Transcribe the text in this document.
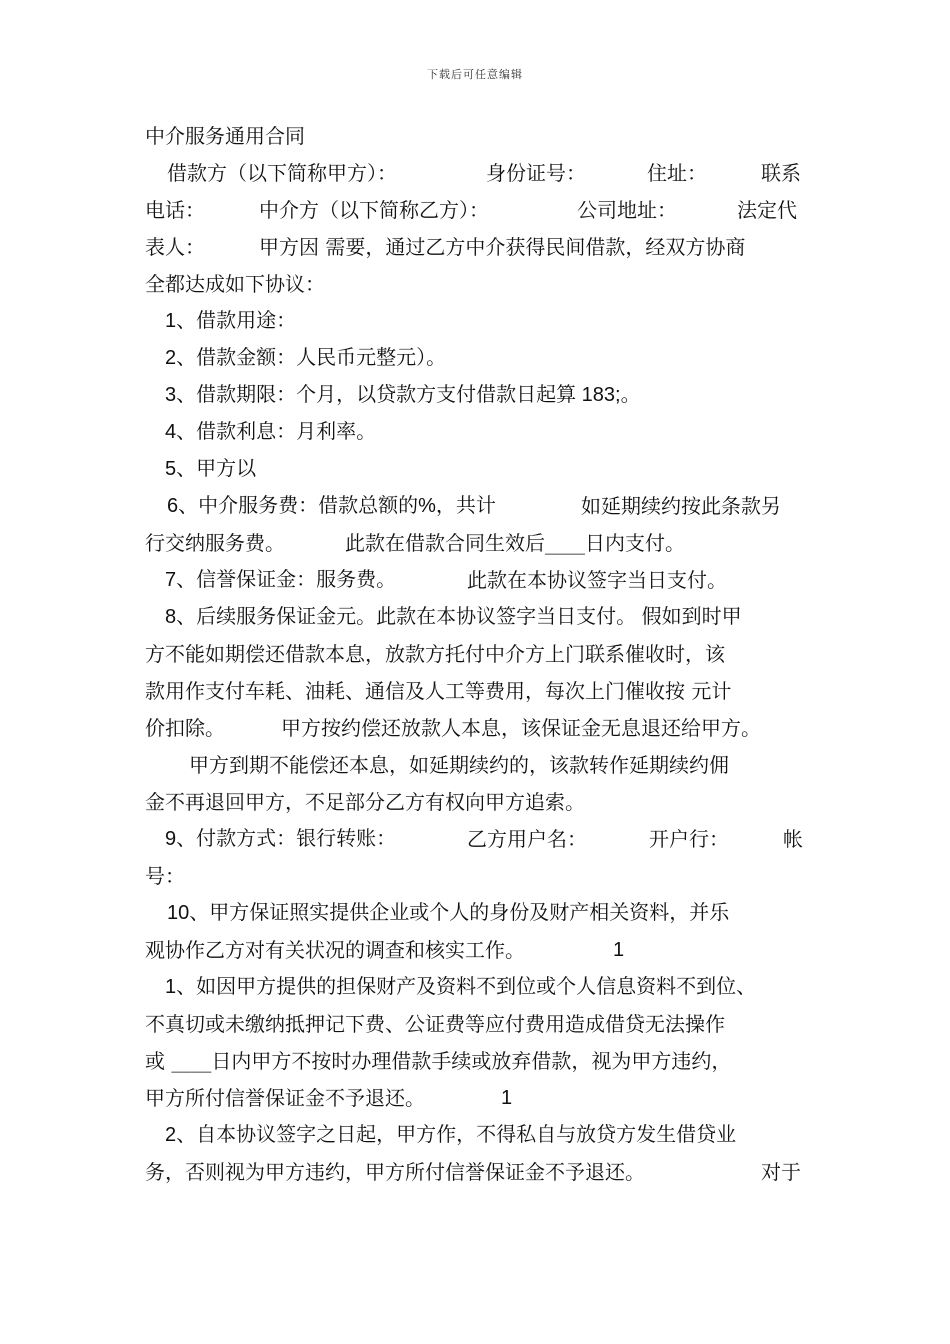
下载后可任意编辑
中介服务通用合同
借款方（以下简称甲方）：	身份证号：	住址：	联系
电话：	中介方（以下简称乙方）：	公司地址：	法定代
表人：	甲方因 需要，通过乙方中介获得民间借款，经双方协商
全都达成如下协议：
1、借款用途：
2、借款金额：人民币元整元）。
3、借款期限：个月，以贷款方支付借款日起算 183;。
4、借款利息：月利率。
5、甲方以
6、中介服务费：借款总额的%，共计	如延期续约按此条款另
行交纳服务费。	此款在借款合同生效后____日内支付。
7、信誉保证金：服务费。	此款在本协议签字当日支付。
8、后续服务保证金元。此款在本协议签字当日支付。 假如到时甲
方不能如期偿还借款本息，放款方托付中介方上门联系催收时，该
款用作支付车耗、油耗、通信及人工等费用，每次上门催收按 元计
价扣除。	甲方按约偿还放款人本息，该保证金无息退还给甲方。
甲方到期不能偿还本息，如延期续约的，该款转作延期续约佣
金不再退回甲方，不足部分乙方有权向甲方追索。
9、付款方式：银行转账：	乙方用户名：	开户行：	帐
号：
10、甲方保证照实提供企业或个人的身份及财产相关资料，并乐
观协作乙方对有关状况的调查和核实工作。	1
1、如因甲方提供的担保财产及资料不到位或个人信息资料不到位、
不真切或未缴纳抵押记下费、公证费等应付费用造成借贷无法操作
或 ____日内甲方不按时办理借款手续或放弃借款，视为甲方违约，
甲方所付信誉保证金不予退还。	1
2、自本协议签字之日起，甲方作，不得私自与放贷方发生借贷业
务，否则视为甲方违约，甲方所付信誉保证金不予退还。	对于
